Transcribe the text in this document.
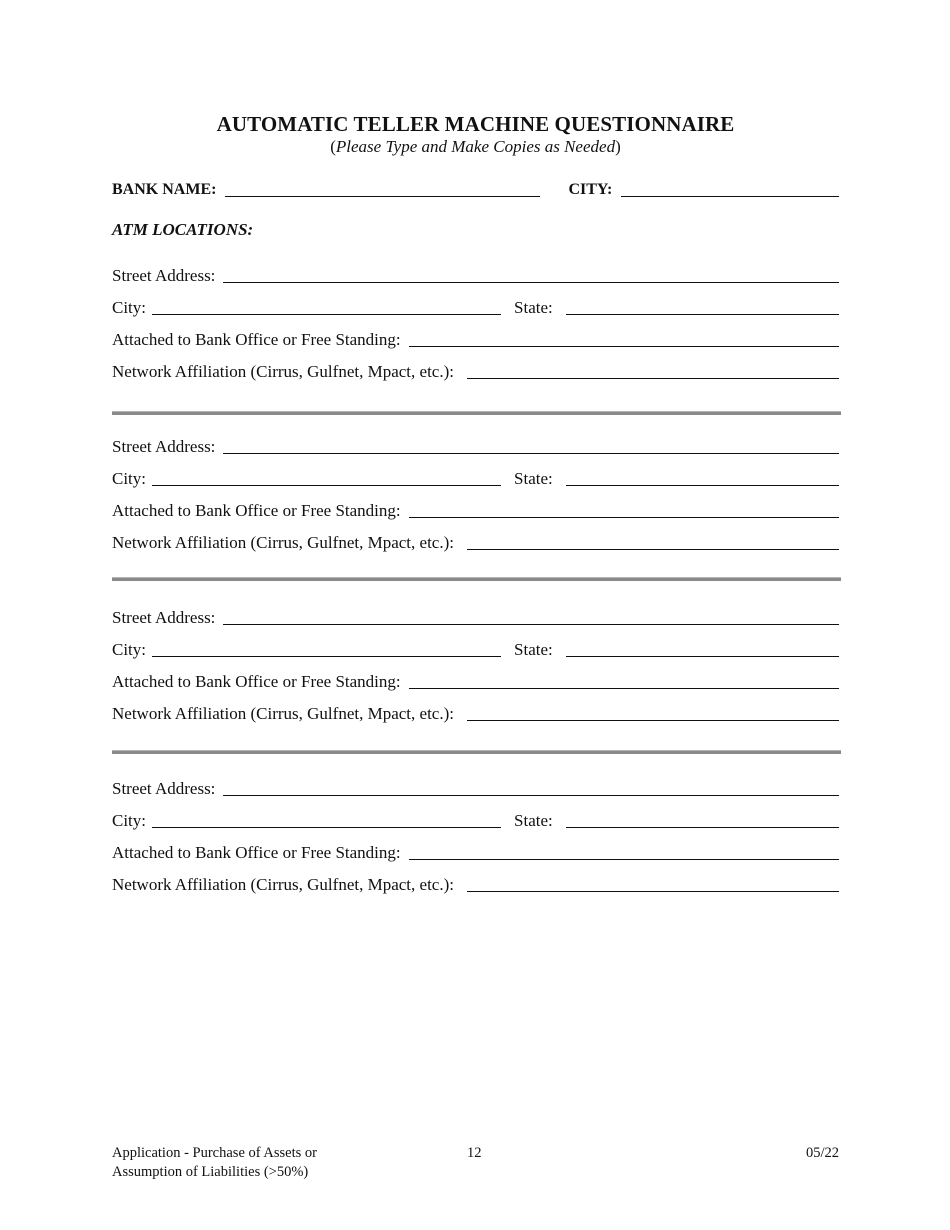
AUTOMATIC TELLER MACHINE QUESTIONNAIRE
(Please Type and Make Copies as Needed)
BANK NAME:	CITY:
ATM LOCATIONS:
Street Address:
City:	State:
Attached to Bank Office or Free Standing:
Network Affiliation (Cirrus, Gulfnet, Mpact, etc.):
Street Address:
City:	State:
Attached to Bank Office or Free Standing:
Network Affiliation (Cirrus, Gulfnet, Mpact, etc.):
Street Address:
City:	State:
Attached to Bank Office or Free Standing:
Network Affiliation (Cirrus, Gulfnet, Mpact, etc.):
Street Address:
City:	State:
Attached to Bank Office or Free Standing:
Network Affiliation (Cirrus, Gulfnet, Mpact, etc.):
Application - Purchase of Assets or
Assumption of Liabilities (>50%)
12	05/22
